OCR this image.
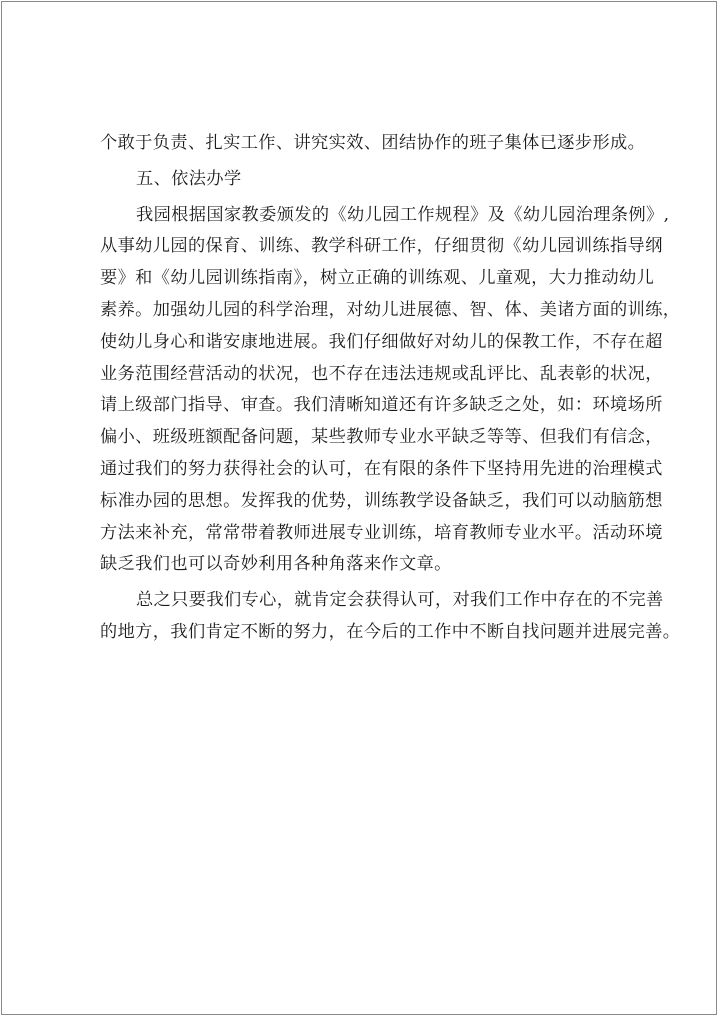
个敢于负责、扎实工作、讲究实效、团结协作的班子集体已逐步形成。
五、依法办学
我园根据国家教委颁发的《幼儿园工作规程》及《幼儿园治理条例》,
从事幼儿园的保育、训练、教学科研工作，仔细贯彻《幼儿园训练指导纲
要》和《幼儿园训练指南》，树立正确的训练观、儿童观，大力推动幼儿
素养。加强幼儿园的科学治理，对幼儿进展德、智、体、美诸方面的训练，
使幼儿身心和谐安康地进展。我们仔细做好对幼儿的保教工作，不存在超
业务范围经营活动的状况，也不存在违法违规或乱评比、乱表彰的状况，
请上级部门指导、审查。我们清晰知道还有许多缺乏之处，如：环境场所
偏小、班级班额配备问题，某些教师专业水平缺乏等等、但我们有信念，
通过我们的努力获得社会的认可，在有限的条件下坚持用先进的治理模式
标准办园的思想。发挥我的优势，训练教学设备缺乏，我们可以动脑筋想
方法来补充，常常带着教师进展专业训练，培育教师专业水平。活动环境
缺乏我们也可以奇妙利用各种角落来作文章。
总之只要我们专心，就肯定会获得认可，对我们工作中存在的不完善
的地方，我们肯定不断的努力，在今后的工作中不断自找问题并进展完善。
